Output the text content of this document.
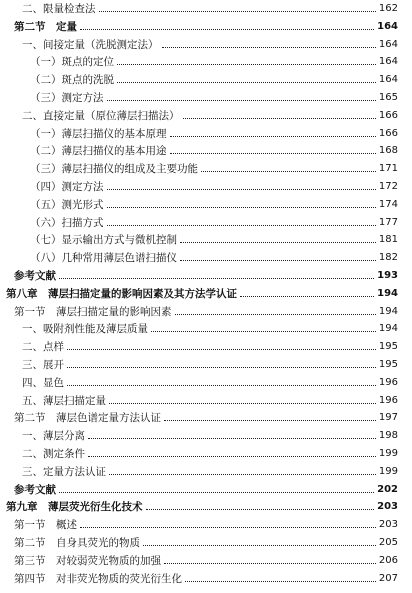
二、限量检查法	162
第二节　定量	164
一、间接定量（洗脱测定法）	164
（一）斑点的定位	164
（二）斑点的洗脱	164
（三）测定方法	165
二、直接定量（原位薄层扫描法）	166
（一）薄层扫描仪的基本原理	166
（二）薄层扫描仪的基本用途	168
（三）薄层扫描仪的组成及主要功能	171
（四）测定方法	172
（五）测光形式	174
（六）扫描方式	177
（七）显示输出方式与微机控制	181
（八）几种常用薄层色谱扫描仪	182
参考文献	193
第八章　薄层扫描定量的影响因素及其方法学认证	194
第一节　薄层扫描定量的影响因素	194
一、吸附剂性能及薄层质量	194
二、点样	195
三、展开	195
四、显色	196
五、薄层扫描定量	196
第二节　薄层色谱定量方法认证	197
一、薄层分离	198
二、测定条件	199
三、定量方法认证	199
参考文献	202
第九章　薄层荧光衍生化技术	203
第一节　概述	203
第二节　自身具荧光的物质	205
第三节　对较弱荧光物质的加强	206
第四节　对非荧光物质的荧光衍生化	207
